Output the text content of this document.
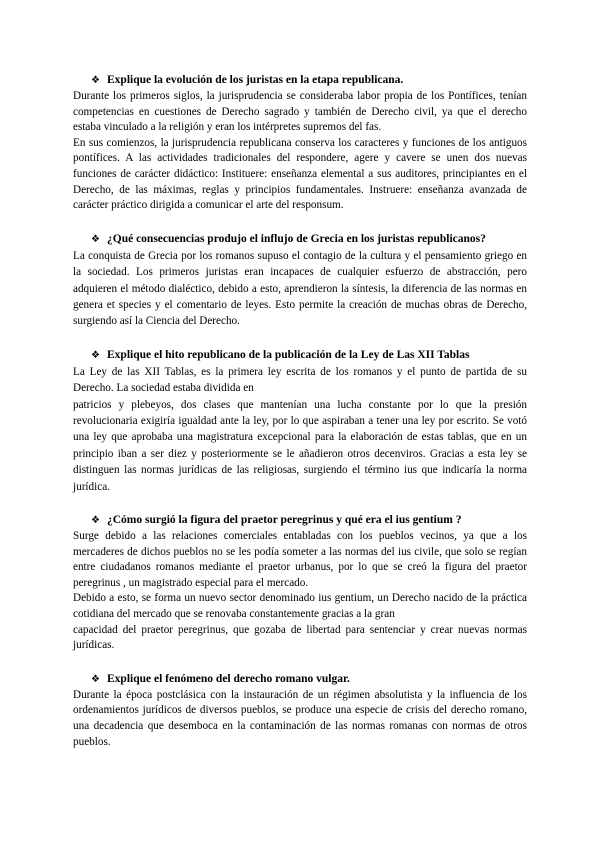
❖ Explique la evolución de los juristas en la etapa republicana.

Durante los primeros siglos, la jurisprudencia se consideraba labor propia de los Pontífices, tenían competencias en cuestiones de Derecho sagrado y también de Derecho civil, ya que el derecho estaba vinculado a la religión y eran los intérpretes supremos del fas.

En sus comienzos, la jurisprudencia republicana conserva los caracteres y funciones de los antiguos pontífices. A las actividades tradicionales del respondere, agere y cavere se unen dos nuevas funciones de carácter didáctico: Instituere: enseñanza elemental a sus auditores, principiantes en el Derecho, de las máximas, reglas y principios fundamentales. Instruere: enseñanza avanzada de carácter práctico dirigida a comunicar el arte del responsum.

❖ ¿Qué consecuencias produjo el influjo de Grecia en los juristas republicanos?

La conquista de Grecia por los romanos supuso el contagio de la cultura y el pensamiento griego en la sociedad. Los primeros juristas eran incapaces de cualquier esfuerzo de abstracción, pero adquieren el método dialéctico, debido a esto, aprendieron la síntesis, la diferencia de las normas en genera et species y el comentario de leyes. Esto permite la creación de muchas obras de Derecho, surgiendo así la Ciencia del Derecho.

❖ Explique el hito republicano de la publicación de la Ley de Las XII Tablas

La Ley de las XII Tablas, es la primera ley escrita de los romanos y el punto de partida de su Derecho. La sociedad estaba dividida en

patricios y plebeyos, dos clases que mantenían una lucha constante por lo que la presión revolucionaria exigiría igualdad ante la ley, por lo que aspiraban a tener una ley por escrito. Se votó una ley que aprobaba una magistratura excepcional para la elaboración de estas tablas, que en un principio iban a ser diez y posteriormente se le añadieron otros decenviros. Gracias a esta ley se distinguen las normas jurídicas de las religiosas, surgiendo el término ius que indicaría la norma jurídica.

❖ ¿Cómo surgió la figura del praetor peregrinus y qué era el ius gentium ?

Surge debido a las relaciones comerciales entabladas con los pueblos vecinos, ya que a los mercaderes de dichos pueblos no se les podía someter a las normas del ius civile, que solo se regían entre ciudadanos romanos mediante el praetor urbanus, por lo que se creó la figura del praetor peregrinus , un magistrado especial para el mercado.

Debido a esto, se forma un nuevo sector denominado ius gentium, un Derecho nacido de la práctica cotidiana del mercado que se renovaba constantemente gracias a la gran

capacidad del praetor peregrinus, que gozaba de libertad para sentenciar y crear nuevas normas jurídicas.

❖ Explique el fenómeno del derecho romano vulgar.

Durante la época postclásica con la instauración de un régimen absolutista y la influencia de los ordenamientos jurídicos de diversos pueblos, se produce una especie de crisis del derecho romano, una decadencia que desemboca en la contaminación de las normas romanas con normas de otros pueblos.
